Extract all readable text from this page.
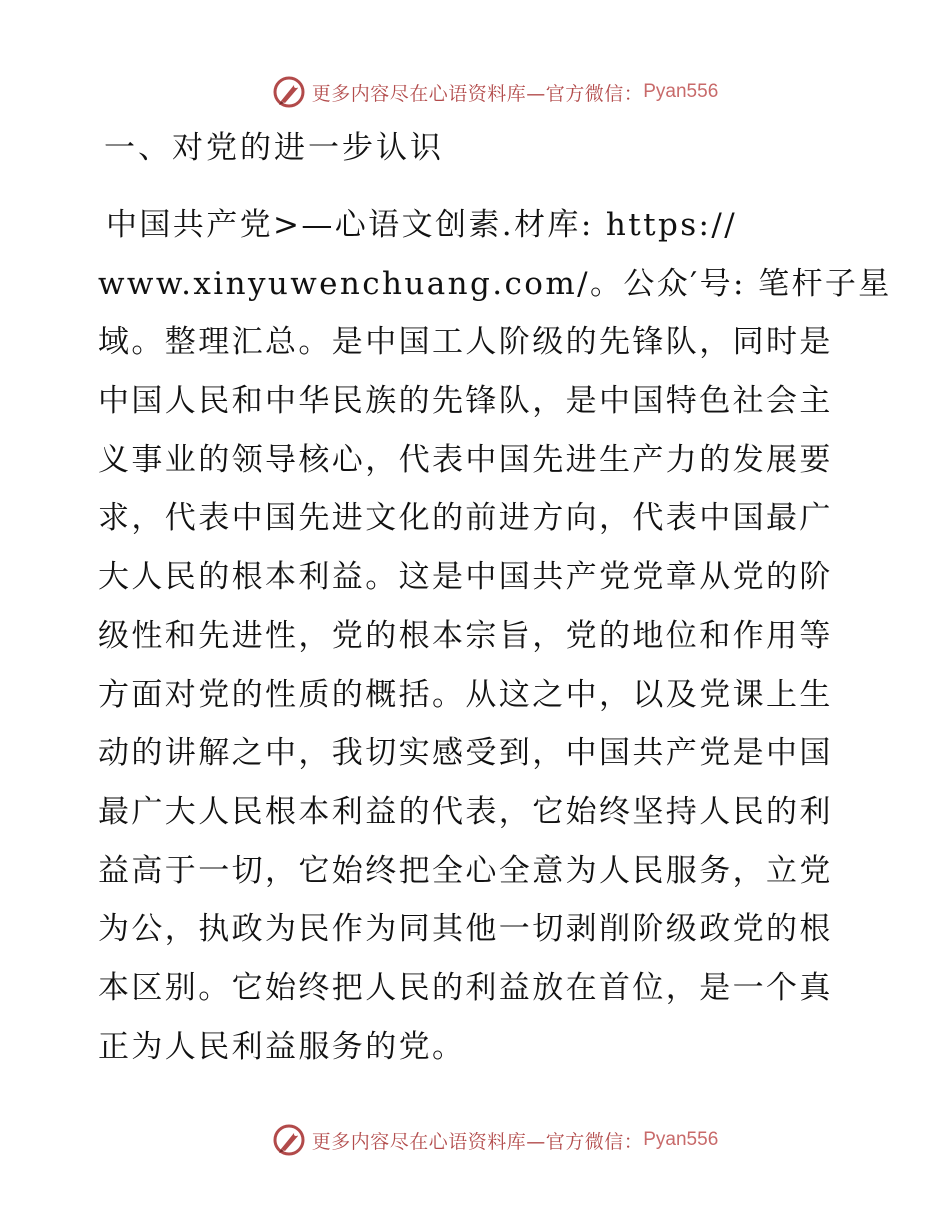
更多内容尽在心语资料库—官方微信： Pyan556
一、对党的进一步认识

中国共产党>—心语文创素.材库: https://

www.xinyuwenchuang.com/。公众′号: 笔杆子星

域。整理汇总。是中国工人阶级的先锋队，同时是

中国人民和中华民族的先锋队，是中国特色社会主

义事业的领导核心，代表中国先进生产力的发展要

求，代表中国先进文化的前进方向，代表中国最广

大人民的根本利益。这是中国共产党党章从党的阶

级性和先进性，党的根本宗旨，党的地位和作用等

方面对党的性质的概括。从这之中，以及党课上生

动的讲解之中，我切实感受到，中国共产党是中国

最广大人民根本利益的代表，它始终坚持人民的利

益高于一切，它始终把全心全意为人民服务，立党

为公，执政为民作为同其他一切剥削阶级政党的根

本区别。它始终把人民的利益放在首位，是一个真

正为人民利益服务的党。

更多内容尽在心语资料库—官方微信： Pyan556
